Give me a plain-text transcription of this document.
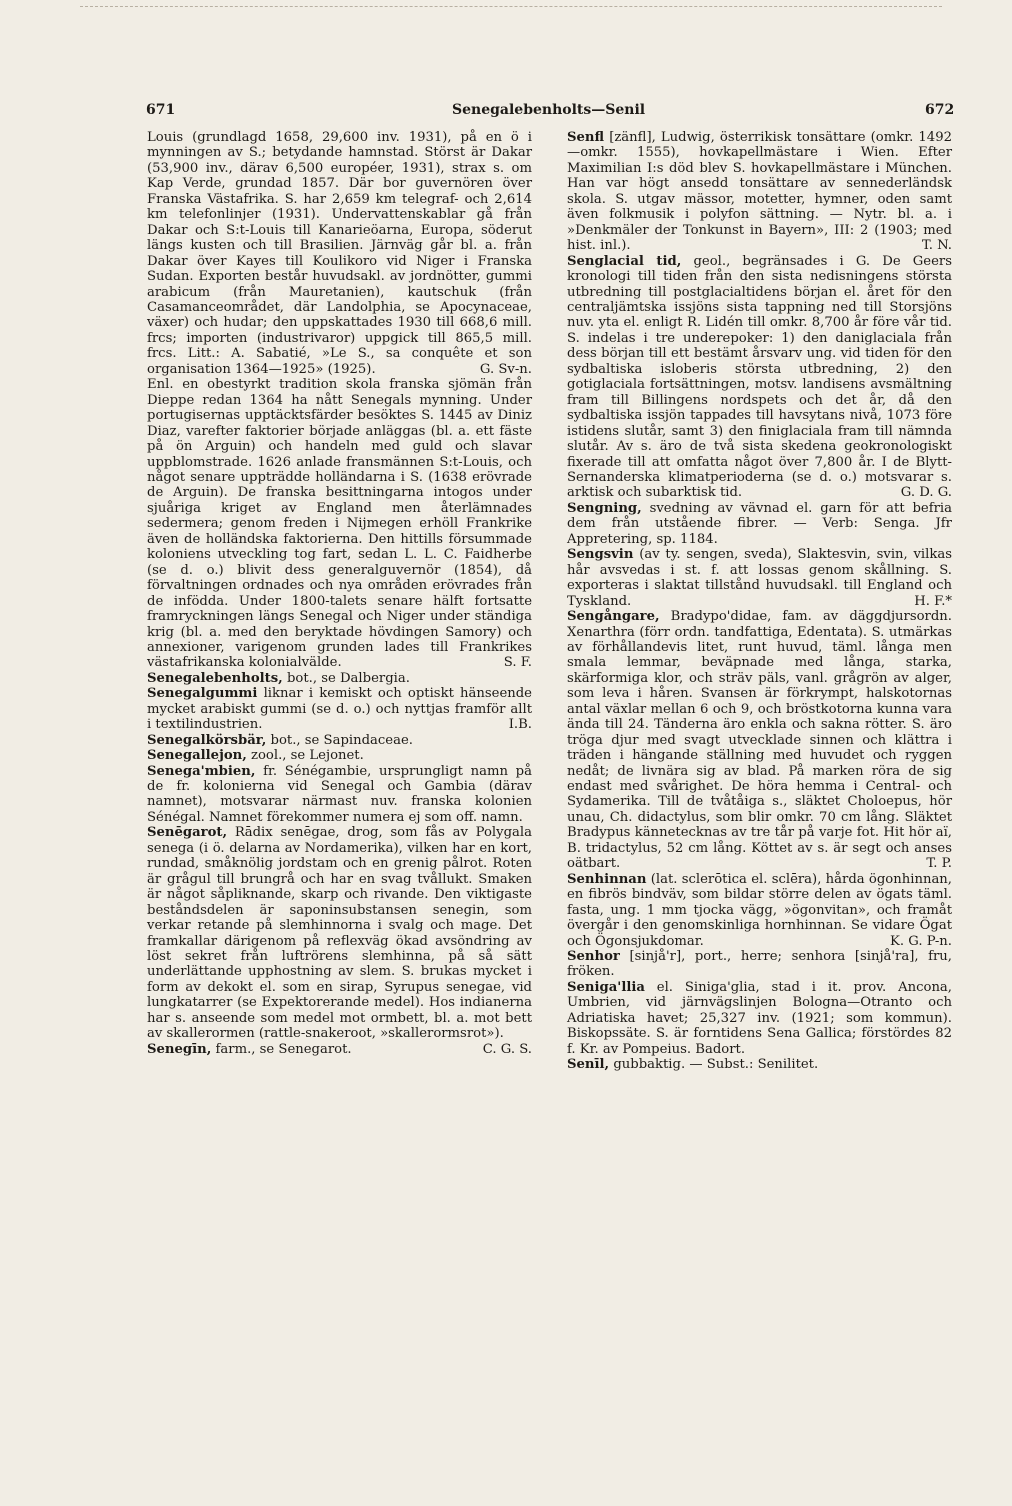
671	Senegalebenholts—Senil	672

Louis (grundlagd 1658, 29,600 inv. 1931), på en ö i mynningen av S.; betydande hamnstad. Störst är Dakar (53,900 inv., därav 6,500 européer, 1931), strax s. om Kap Verde, grundad 1857. Där bor guvernören över Franska Västafrika. S. har 2,659 km telegraf- och 2,614 km telefonlinjer (1931). Undervattenskablar gå från Dakar och S:t-Louis till Kanarieöarna, Europa, söderut längs kusten och till Brasilien. Järnväg går bl. a. från Dakar över Kayes till Koulikoro vid Niger i Franska Sudan. Exporten består huvudsakl. av jordnötter, gummi arabicum (från Mauretanien), kautschuk (från Casamanceområdet, där Landolphia, se Apocynaceae, växer) och hudar; den uppskattades 1930 till 668,6 mill. frcs; importen (industrivaror) uppgick till 865,5 mill. frcs. Litt.: A. Sabatié, »Le S., sa conquête et son organisation 1364—1925» (1925).	G. Sv-n.

Enl. en obestyrkt tradition skola franska sjömän från Dieppe redan 1364 ha nått Senegals mynning. Under portugisernas upptäcktsfärder besöktes S. 1445 av Diniz Diaz, varefter faktorier började anläggas (bl. a. ett fäste på ön Arguin) och handeln med guld och slavar uppblomstrade. 1626 anlade fransmännen S:t-Louis, och något senare uppträdde holländarna i S. (1638 erövrade de Arguin). De franska besittningarna intogos under sjuåriga kriget av England men återlämnades sedermera; genom freden i Nijmegen erhöll Frankrike även de holländska faktorierna. Den hittills försummade koloniens utveckling tog fart, sedan L. L. C. Faidherbe (se d. o.) blivit dess generalguvernör (1854), då förvaltningen ordnades och nya områden erövrades från de infödda. Under 1800-talets senare hälft fortsatte framryckningen längs Senegal och Niger under ständiga krig (bl. a. med den beryktade hövdingen Samory) och annexioner, varigenom grunden lades till Frankrikes västafrikanska kolonialvälde.	S. F.

Senegalebenholts, bot., se Dalbergia.

Senegalgummi liknar i kemiskt och optiskt hänseende mycket arabiskt gummi (se d. o.) och nyttjas framför allt i textilindustrien.	I.B.

Senegalkörsbär, bot., se Sapindaceae.

Senegallejon, zool., se Lejonet.

Senega'mbien, fr. Sénégambie, ursprungligt namn på de fr. kolonierna vid Senegal och Gambia (därav namnet), motsvarar närmast nuv. franska kolonien Sénégal. Namnet förekommer numera ej som off. namn.

Senēgarot, Rādix senēgae, drog, som fås av Polygala senega (i ö. delarna av Nordamerika), vilken har en kort, rundad, småknölig jordstam och en grenig pålrot. Roten är grågul till brungrå och har en svag tvållukt. Smaken är något såpliknande, skarp och rivande. Den viktigaste beståndsdelen är saponinsubstansen senegin, som verkar retande på slemhinnorna i svalg och mage. Det framkallar därigenom på reflexväg ökad avsöndring av löst sekret från luftrörens slemhinna, på så sätt underlättande upphostning av slem. S. brukas mycket i form av dekokt el. som en sirap, Syrupus senegae, vid lungkatarrer (se Expektorerande medel). Hos indianerna har s. anseende som medel mot ormbett, bl. a. mot bett av skallerormen (rattle-snakeroot, »skallerormsrot»).
C. G. S.

Senegīn, farm., se Senegarot.

Senfl [zänfl], Ludwig, österrikisk tonsättare (omkr. 1492—omkr. 1555), hovkapellmästare i Wien. Efter Maximilian I:s död blev S. hovkapellmästare i München. Han var högt ansedd tonsättare av sennederländsk skola. S. utgav mässor, motetter, hymner, oden samt även folkmusik i polyfon sättning. — Nytr. bl. a. i »Denkmäler der Tonkunst in Bayern», III: 2 (1903; med hist. inl.).	T. N.

Senglacial tid, geol., begränsades i G. De Geers kronologi till tiden från den sista nedisningens största utbredning till postglacialtidens början el. året för den centraljämtska issjöns sista tappning ned till Storsjöns nuv. yta el. enligt R. Lidén till omkr. 8,700 år före vår tid. S. indelas i tre underepoker: 1) den daniglaciala från dess början till ett bestämt årsvarv ung. vid tiden för den sydbaltiska isloberis största utbredning, 2) den gotiglaciala fortsättningen, motsv. landisens avsmältning fram till Billingens nordspets och det år, då den sydbaltiska issjön tappades till havsytans nivå, 1073 före istidens slutår, samt 3) den finiglaciala fram till nämnda slutår. Av s. äro de två sista skedena geokronologiskt fixerade till att omfatta något över 7,800 år. I de Blytt-Sernanderska klimatperioderna (se d. o.) motsvarar s. arktisk och subarktisk tid.	G. D. G.

Sengning, svedning av vävnad el. garn för att befria dem från utstående fibrer. — Verb: Senga. Jfr Appretering, sp. 1184.

Sengsvin (av ty. sengen, sveda), Slaktesvin, svin, vilkas hår avsvedas i st. f. att lossas genom skållning. S. exporteras i slaktat tillstånd huvudsakl. till England och Tyskland.	H. F.*

Sengångare, Bradypo'didae, fam. av däggdjursordn. Xenarthra (förr ordn. tandfattiga, Edentata). S. utmärkas av förhållandevis litet, runt huvud, täml. långa men smala lemmar, beväpnade med långa, starka, skärformiga klor, och sträv päls, vanl. grågrön av alger, som leva i håren. Svansen är förkrympt, halskotornas antal växlar mellan 6 och 9, och bröstkotorna kunna vara ända till 24. Tänderna äro enkla och sakna rötter. S. äro tröga djur med svagt utvecklade sinnen och klättra i träden i hängande ställning med huvudet och ryggen nedåt; de livnära sig av blad. På marken röra de sig endast med svårighet. De höra hemma i Central- och Sydamerika. Till de tvåtåiga s., släktet Choloepus, hör unau, Ch. didactylus, som blir omkr. 70 cm lång. Släktet Bradypus kännetecknas av tre tår på varje fot. Hit hör aï, B. tridactylus, 52 cm lång. Köttet av s. är segt och anses oätbart.	T. P.

Senhinnan (lat. sclerōtica el. sclēra), hårda ögonhinnan, en fibrös bindväv, som bildar större delen av ögats täml. fasta, ung. 1 mm tjocka vägg, »ögonvitan», och framåt övergår i den genomskinliga hornhinnan. Se vidare Ögat och Ögonsjukdomar.	K. G. P-n.

Senhor [sinjå'r], port., herre; senhora [sinjå'ra], fru, fröken.

Seniga'llia el. Siniga'glia, stad i it. prov. Ancona, Umbrien, vid järnvägslinjen Bologna—Otranto och Adriatiska havet; 25,327 inv. (1921; som kommun). Biskopssäte. S. är forntidens Sena Gallica; förstördes 82 f. Kr. av Pompeius. Badort.

Senīl, gubbaktig. — Subst.: Senilitet.
